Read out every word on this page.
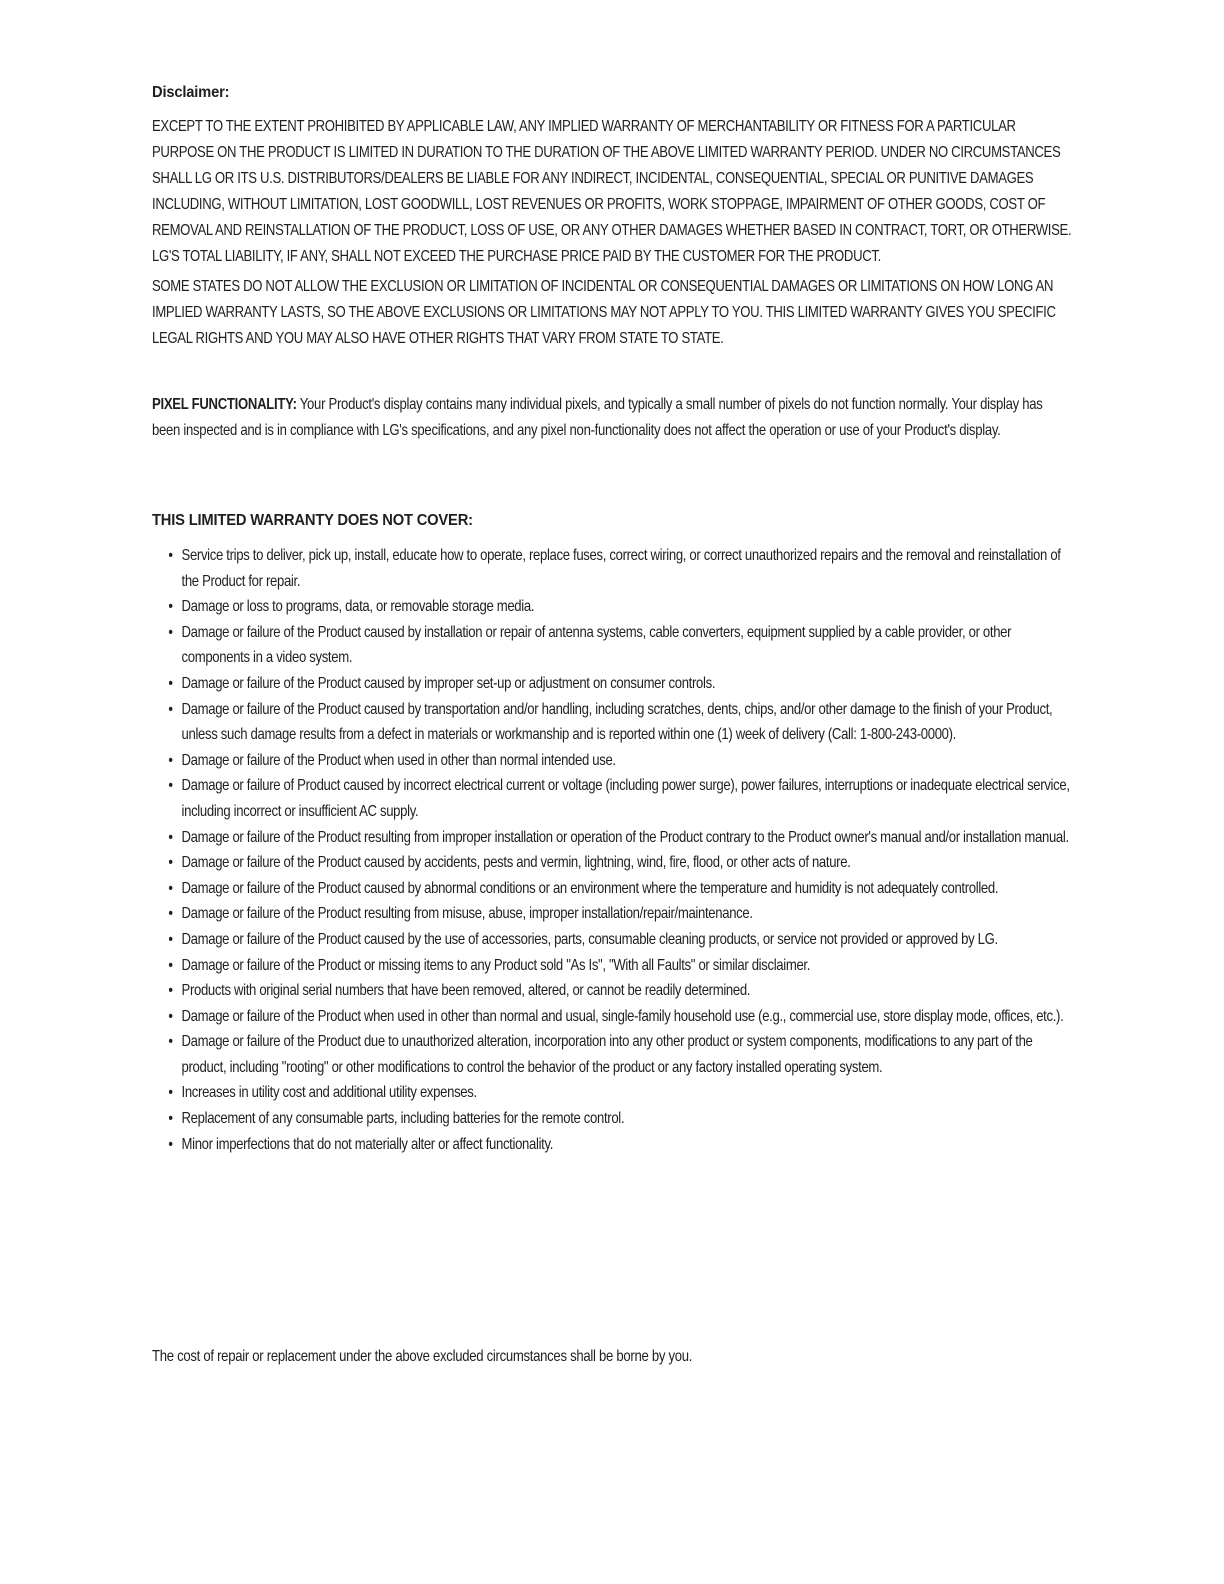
Disclaimer:

EXCEPT TO THE EXTENT PROHIBITED BY APPLICABLE LAW, ANY IMPLIED WARRANTY OF MERCHANTABILITY OR FITNESS FOR A PARTICULAR PURPOSE ON THE PRODUCT IS LIMITED IN DURATION TO THE DURATION OF THE ABOVE LIMITED WARRANTY PERIOD. UNDER NO CIRCUMSTANCES SHALL LG OR ITS U.S. DISTRIBUTORS/DEALERS BE LIABLE FOR ANY INDIRECT, INCIDENTAL, CONSEQUENTIAL, SPECIAL OR PUNITIVE DAMAGES INCLUDING, WITHOUT LIMITATION, LOST GOODWILL, LOST REVENUES OR PROFITS, WORK STOPPAGE, IMPAIRMENT OF OTHER GOODS, COST OF REMOVAL AND REINSTALLATION OF THE PRODUCT, LOSS OF USE, OR ANY OTHER DAMAGES WHETHER BASED IN CONTRACT, TORT, OR OTHERWISE. LG'S TOTAL LIABILITY, IF ANY, SHALL NOT EXCEED THE PURCHASE PRICE PAID BY THE CUSTOMER FOR THE PRODUCT.

SOME STATES DO NOT ALLOW THE EXCLUSION OR LIMITATION OF INCIDENTAL OR CONSEQUENTIAL DAMAGES OR LIMITATIONS ON HOW LONG AN IMPLIED WARRANTY LASTS, SO THE ABOVE EXCLUSIONS OR LIMITATIONS MAY NOT APPLY TO YOU. THIS LIMITED WARRANTY GIVES YOU SPECIFIC LEGAL RIGHTS AND YOU MAY ALSO HAVE OTHER RIGHTS THAT VARY FROM STATE TO STATE.

PIXEL FUNCTIONALITY: Your Product's display contains many individual pixels, and typically a small number of pixels do not function normally. Your display has been inspected and is in compliance with LG's specifications, and any pixel non-functionality does not affect the operation or use of your Product's display.

THIS LIMITED WARRANTY DOES NOT COVER:
• Service trips to deliver, pick up, install, educate how to operate, replace fuses, correct wiring, or correct unauthorized repairs and the removal and reinstallation of the Product for repair.
• Damage or loss to programs, data, or removable storage media.
• Damage or failure of the Product caused by installation or repair of antenna systems, cable converters, equipment supplied by a cable provider, or other components in a video system.
• Damage or failure of the Product caused by improper set-up or adjustment on consumer controls.
• Damage or failure of the Product caused by transportation and/or handling, including scratches, dents, chips, and/or other damage to the finish of your Product, unless such damage results from a defect in materials or workmanship and is reported within one (1) week of delivery (Call: 1-800-243-0000).
• Damage or failure of the Product when used in other than normal intended use.
• Damage or failure of Product caused by incorrect electrical current or voltage (including power surge), power failures, interruptions or inadequate electrical service, including incorrect or insufficient AC supply.
• Damage or failure of the Product resulting from improper installation or operation of the Product contrary to the Product owner's manual and/or installation manual.
• Damage or failure of the Product caused by accidents, pests and vermin, lightning, wind, fire, flood, or other acts of nature.
• Damage or failure of the Product caused by abnormal conditions or an environment where the temperature and humidity is not adequately controlled.
• Damage or failure of the Product resulting from misuse, abuse, improper installation/repair/maintenance.
• Damage or failure of the Product caused by the use of accessories, parts, consumable cleaning products, or service not provided or approved by LG.
• Damage or failure of the Product or missing items to any Product sold "As Is", "With all Faults" or similar disclaimer.
• Products with original serial numbers that have been removed, altered, or cannot be readily determined.
• Damage or failure of the Product when used in other than normal and usual, single-family household use (e.g., commercial use, store display mode, offices, etc.).
• Damage or failure of the Product due to unauthorized alteration, incorporation into any other product or system components, modifications to any part of the product, including "rooting" or other modifications to control the behavior of the product or any factory installed operating system.
• Increases in utility cost and additional utility expenses.
• Replacement of any consumable parts, including batteries for the remote control.
• Minor imperfections that do not materially alter or affect functionality.

The cost of repair or replacement under the above excluded circumstances shall be borne by you.
